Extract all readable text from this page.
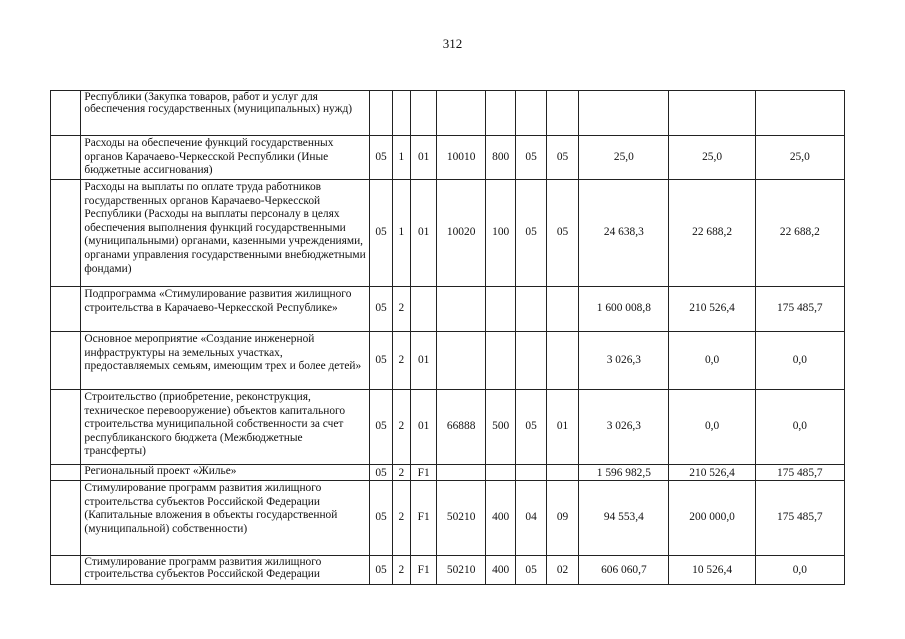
312
	Республики (Закупка товаров, работ и услуг для обеспечения государственных (муниципальных) нужд)										
	Расходы на обеспечение функций государственных органов Карачаево-Черкесской Республики (Иные бюджетные ассигнования)	05	1	01	10010	800	05	05	25,0	25,0	25,0
	Расходы на выплаты по оплате труда работников государственных органов Карачаево-Черкесской Республики (Расходы на выплаты персоналу в целях обеспечения выполнения функций государственными (муниципальными) органами, казенными учреждениями, органами управления государственными внебюджетными фондами)	05	1	01	10020	100	05	05	24 638,3	22 688,2	22 688,2
	Подпрограмма «Стимулирование развития жилищного строительства в Карачаево-Черкесской Республике»	05	2						1 600 008,8	210 526,4	175 485,7
	Основное мероприятие «Создание инженерной инфраструктуры на земельных участках, предоставляемых семьям, имеющим трех и более детей»	05	2	01					3 026,3	0,0	0,0
	Строительство (приобретение, реконструкция, техническое перевооружение) объектов капитального строительства муниципальной собственности за счет республиканского бюджета (Межбюджетные трансферты)	05	2	01	66888	500	05	01	3 026,3	0,0	0,0
	Региональный проект «Жилье»	05	2	F1					1 596 982,5	210 526,4	175 485,7
	Стимулирование программ развития жилищного строительства субъектов Российской Федерации (Капитальные вложения в объекты государственной (муниципальной) собственности)	05	2	F1	50210	400	04	09	94 553,4	200 000,0	175 485,7
	Стимулирование программ развития жилищного строительства субъектов Российской Федерации	05	2	F1	50210	400	05	02	606 060,7	10 526,4	0,0
